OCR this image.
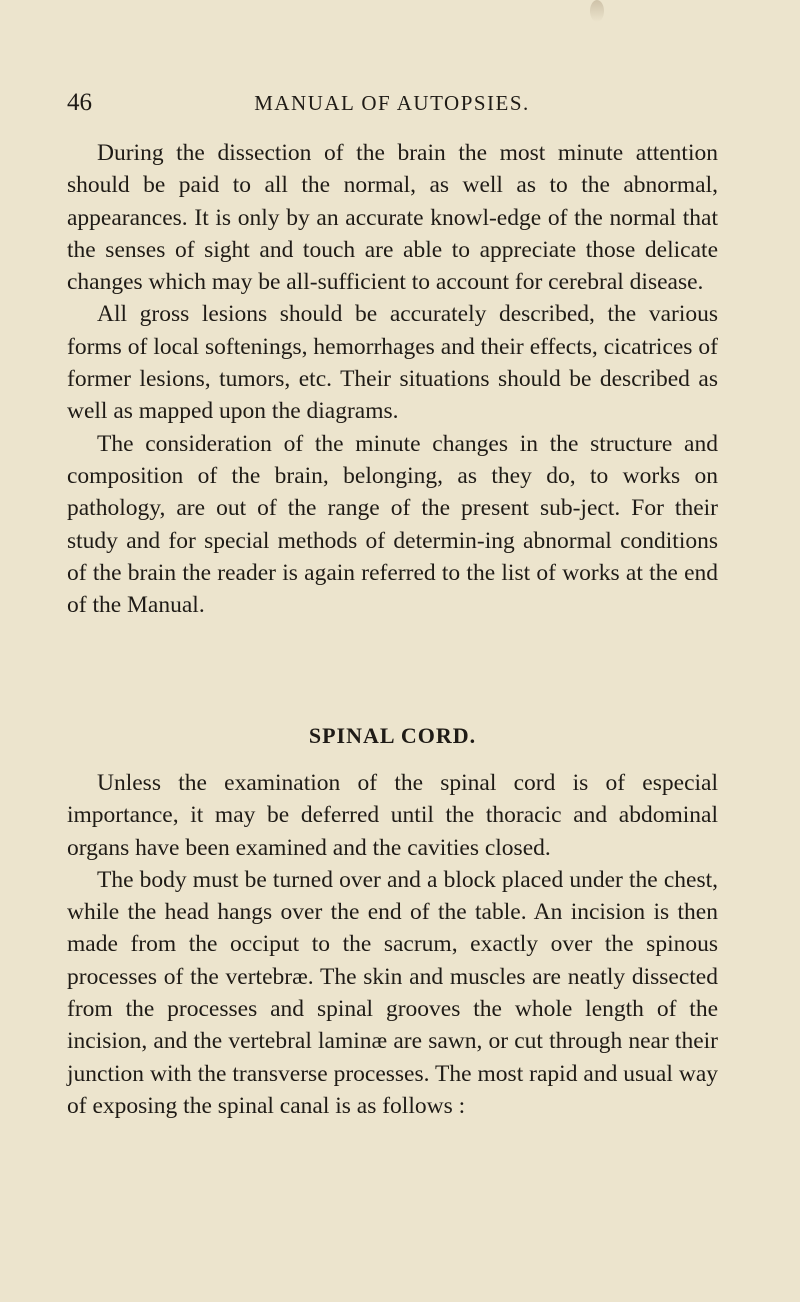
46	MANUAL OF AUTOPSIES.

During the dissection of the brain the most minute attention should be paid to all the normal, as well as to the abnormal, appearances. It is only by an accurate knowl-edge of the normal that the senses of sight and touch are able to appreciate those delicate changes which may be all-sufficient to account for cerebral disease.

All gross lesions should be accurately described, the various forms of local softenings, hemorrhages and their effects, cicatrices of former lesions, tumors, etc. Their situations should be described as well as mapped upon the diagrams.

The consideration of the minute changes in the structure and composition of the brain, belonging, as they do, to works on pathology, are out of the range of the present sub-ject. For their study and for special methods of determin-ing abnormal conditions of the brain the reader is again referred to the list of works at the end of the Manual.

SPINAL CORD.

Unless the examination of the spinal cord is of especial importance, it may be deferred until the thoracic and abdominal organs have been examined and the cavities closed.

The body must be turned over and a block placed under the chest, while the head hangs over the end of the table. An incision is then made from the occiput to the sacrum, exactly over the spinous processes of the vertebræ. The skin and muscles are neatly dissected from the processes and spinal grooves the whole length of the incision, and the vertebral laminæ are sawn, or cut through near their junction with the transverse processes. The most rapid and usual way of exposing the spinal canal is as follows :
